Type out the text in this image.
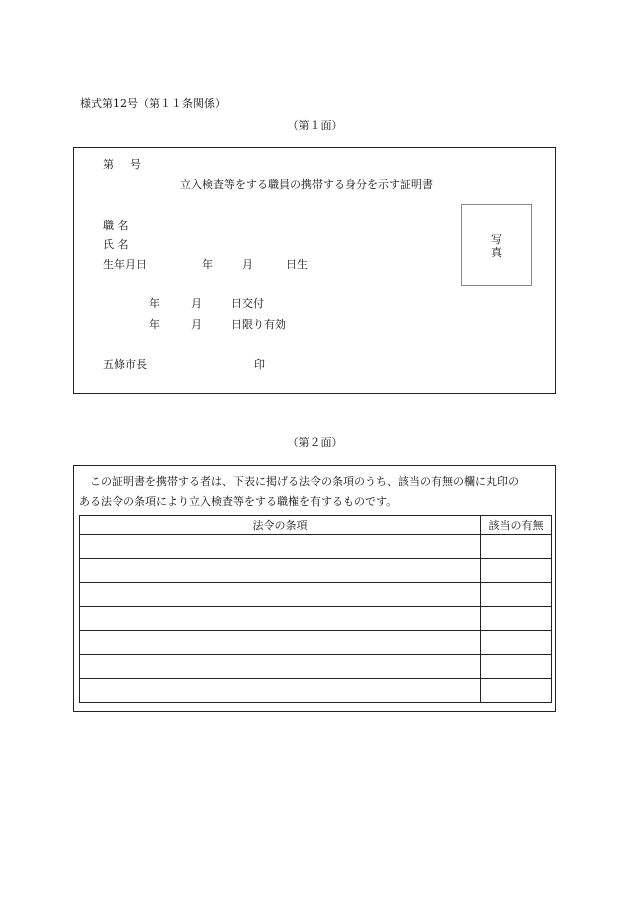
様式第12号（第１１条関係）
（第１面）
第 号
立入検査等をする職員の携帯する身分を示す証明書
職 名
氏 名
生年月日	年	月	日生
年	月	日交付
年	月	日限り有効
五條市長	印
写
真
（第２面）
この証明書を携帯する者は、下表に掲げる法令の条項のうち、該当の有無の欄に丸印の
ある法令の条項により立入検査等をする職権を有するものです。
法令の条項	該当の有無
